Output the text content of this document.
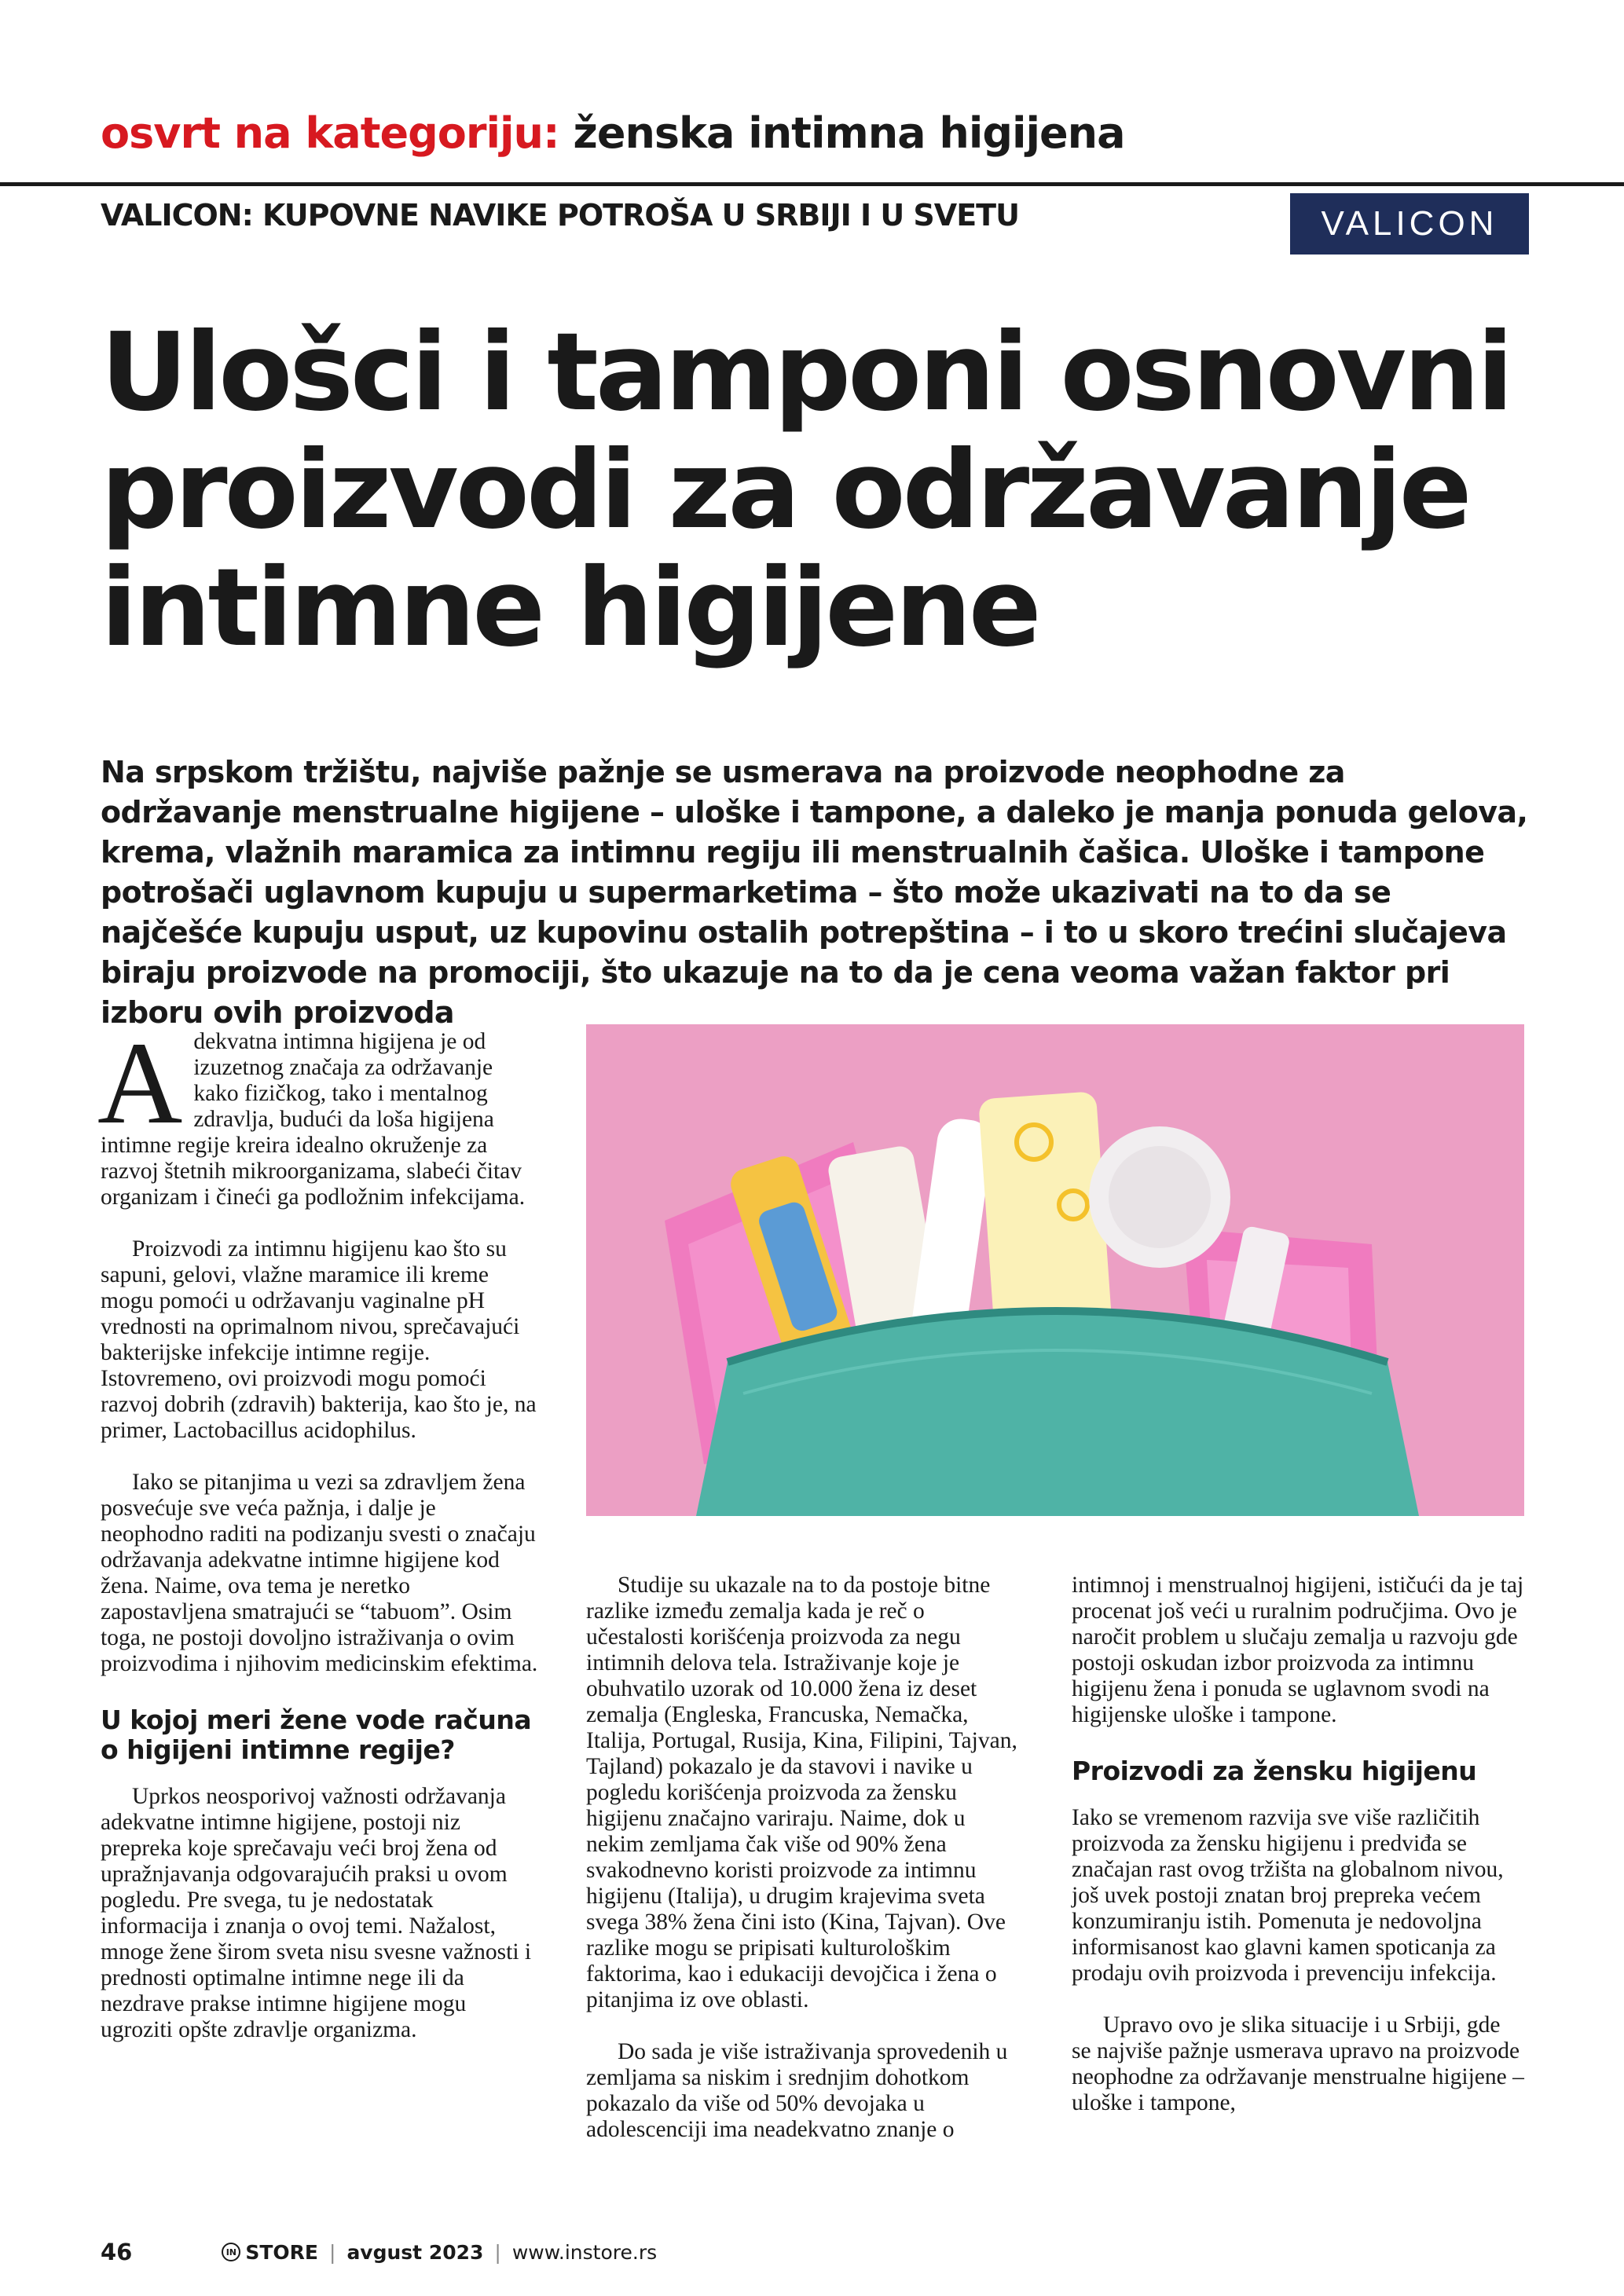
osvrt na kategoriju: ženska intimna higijena
VALICON: KUPOVNE NAVIKE POTROŠA U SRBIJI I U SVETU	VALICON
Ulošci i tamponi osnovni proizvodi za održavanje intimne higijene
Na srpskom tržištu, najviše pažnje se usmerava na proizvode neophodne za održavanje menstrualne higijene – uloške i tampone, a daleko je manja ponuda gelova, krema, vlažnih maramica za intimnu regiju ili menstrualnih čašica. Uloške i tampone potrošači uglavnom kupuju u supermarketima – što može ukazivati na to da se najčešće kupuju usput, uz kupovinu ostalih potrepština – i to u skoro trećini slučajeva biraju proizvode na promociji, što ukazuje na to da je cena veoma važan faktor pri izboru ovih proizvoda

Adekvatna intimna higijena je od izuzetnog značaja za održavanje kako fizičkog, tako i mentalnog zdravlja, budući da loša higijena intimne regije kreira idealno okruženje za razvoj štetnih mikroorganizama, slabeći čitav organizam i čineći ga podložnim infekcijama.

Proizvodi za intimnu higijenu kao što su sapuni, gelovi, vlažne maramice ili kreme mogu pomoći u održavanju vaginalne pH vrednosti na oprimalnom nivou, sprečavajući bakterijske infekcije intimne regije. Istovremeno, ovi proizvodi mogu pomoći razvoj dobrih (zdravih) bakterija, kao što je, na primer, Lactobacillus acidophilus.

Iako se pitanjima u vezi sa zdravljem žena posvećuje sve veća pažnja, i dalje je neophodno raditi na podizanju svesti o značaju održavanja adekvatne intimne higijene kod žena. Naime, ova tema je neretko zapostavljena smatrajući se “tabuom”. Osim toga, ne postoji dovoljno istraživanja o ovim proizvodima i njihovim medicinskim efektima.

U kojoj meri žene vode računa o higijeni intimne regije?

Uprkos neosporivoj važnosti održavanja adekvatne intimne higijene, postoji niz prepreka koje sprečavaju veći broj žena od upražnjavanja odgovarajućih praksi u ovom pogledu. Pre svega, tu je nedostatak informacija i znanja o ovoj temi. Nažalost, mnoge žene širom sveta nisu svesne važnosti i prednosti optimalne intimne nege ili da nezdrave prakse intimne higijene mogu ugroziti opšte zdravlje organizma.

Studije su ukazale na to da postoje bitne razlike između zemalja kada je reč o učestalosti korišćenja proizvoda za negu intimnih delova tela. Istraživanje koje je obuhvatilo uzorak od 10.000 žena iz deset zemalja (Engleska, Francuska, Nemačka, Italija, Portugal, Rusija, Kina, Filipini, Tajvan, Tajland) pokazalo je da stavovi i navike u pogledu korišćenja proizvoda za žensku higijenu značajno variraju. Naime, dok u nekim zemljama čak više od 90% žena svakodnevno koristi proizvode za intimnu higijenu (Italija), u drugim krajevima sveta svega 38% žena čini isto (Kina, Tajvan). Ove razlike mogu se pripisati kulturološkim faktorima, kao i edukaciji devojčica i žena o pitanjima iz ove oblasti.

Do sada je više istraživanja sprovedenih u zemljama sa niskim i srednjim dohotkom pokazalo da više od 50% devojaka u adolescenciji ima neadekvatno znanje o

intimnoj i menstrualnoj higijeni, ističući da je taj procenat još veći u ruralnim područjima. Ovo je naročit problem u slučaju zemalja u razvoju gde postoji oskudan izbor proizvoda za intimnu higijenu žena i ponuda se uglavnom svodi na higijenske uloške i tampone.

Proizvodi za žensku higijenu

Iako se vremenom razvija sve više različitih proizvoda za žensku higijenu i predviđa se značajan rast ovog tržišta na globalnom nivou, još uvek postoji znatan broj prepreka većem konzumiranju istih. Pomenuta je nedovoljna informisanost kao glavni kamen spoticanja za prodaju ovih proizvoda i prevenciju infekcija.

Upravo ovo je slika situacije i u Srbiji, gde se najviše pažnje usmerava upravo na proizvode neophodne za održavanje menstrualne higijene – uloške i tampone,

46	IN STORE | avgust 2023 | www.instore.rs
